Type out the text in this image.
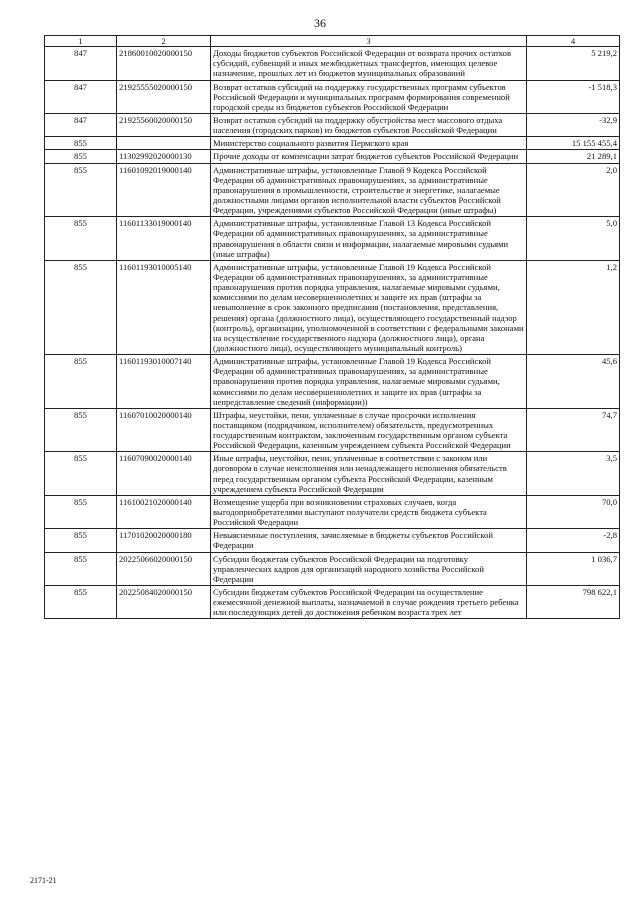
36
1	2	3	4
847	21860010020000150	Доходы бюджетов субъектов Российской Федерации от возврата прочих остатков субсидий, субвенций и иных межбюджетных трансфертов, имеющих целевое назначение, прошлых лет из бюджетов муниципальных образований	5 219,2
847	21925555020000150	Возврат остатков субсидий на поддержку государственных программ субъектов Российской Федерации и муниципальных программ формирования современной городской среды из бюджетов субъектов Российской Федерации	-1 518,3
847	21925560020000150	Возврат остатков субсидий на поддержку обустройства мест массового отдыха населения (городских парков) из бюджетов субъектов Российской Федерации	-32,9
855		Министерство социального развития Пермского края	15 155 455,4
855	11302992020000130	Прочие доходы от компенсации затрат бюджетов субъектов Российской Федерации	21 289,1
855	11601092019000140	Административные штрафы, установленные Главой 9 Кодекса Российской Федерации об административных правонарушениях, за административные правонарушения в промышленности, строительстве и энергетике, налагаемые должностными лицами органов исполнительной власти субъектов Российской Федерации, учреждениями субъектов Российской Федерации (иные штрафы)	2,0
855	11601133019000140	Административные штрафы, установленные Главой 13 Кодекса Российской Федерации об административных правонарушениях, за административные правонарушения в области связи и информации, налагаемые мировыми судьями (иные штрафы)	5,0
855	11601193010005140	Административные штрафы, установленные Главой 19 Кодекса Российской Федерации об административных правонарушениях, за административные правонарушения против порядка управления, налагаемые мировыми судьями, комиссиями по делам несовершеннолетних и защите их прав (штрафы за невыполнение в срок законного предписания (постановления, представления, решения) органа (должностного лица), осуществляющего государственный надзор (контроль), организации, уполномоченной в соответствии с федеральными законами на осуществление государственного надзора (должностного лица), органа (должностного лица), осуществляющего муниципальный контроль)	1,2
855	11601193010007140	Административные штрафы, установленные Главой 19 Кодекса Российской Федерации об административных правонарушениях, за административные правонарушения против порядка управления, налагаемые мировыми судьями, комиссиями по делам несовершеннолетних и защите их прав (штрафы за непредставление сведений (информации))	45,6
855	11607010020000140	Штрафы, неустойки, пени, уплаченные в случае просрочки исполнения поставщиком (подрядчиком, исполнителем) обязательств, предусмотренных государственным контрактом, заключенным государственным органом субъекта Российской Федерации, казенным учреждением субъекта Российской Федерации	74,7
855	11607090020000140	Иные штрафы, неустойки, пени, уплаченные в соответствии с законом или договором в случае неисполнения или ненадлежащего исполнения обязательств перед государственным органом субъекта Российской Федерации, казенным учреждением субъекта Российской Федерации	3,5
855	11610021020000140	Возмещение ущерба при возникновении страховых случаев, когда выгодоприобретателями выступают получатели средств бюджета субъекта Российской Федерации	70,0
855	11701020020000180	Невыясненные поступления, зачисляемые в бюджеты субъектов Российской Федерации	-2,8
855	20225066020000150	Субсидии бюджетам субъектов Российской Федерации на подготовку управленческих кадров для организаций народного хозяйства Российской Федерации	1 036,7
855	20225084020000150	Субсидии бюджетам субъектов Российской Федерации на осуществление ежемесячной денежной выплаты, назначаемой в случае рождения третьего ребенка или последующих детей до достижения ребенком возраста трех лет	798 622,1
2171-21
